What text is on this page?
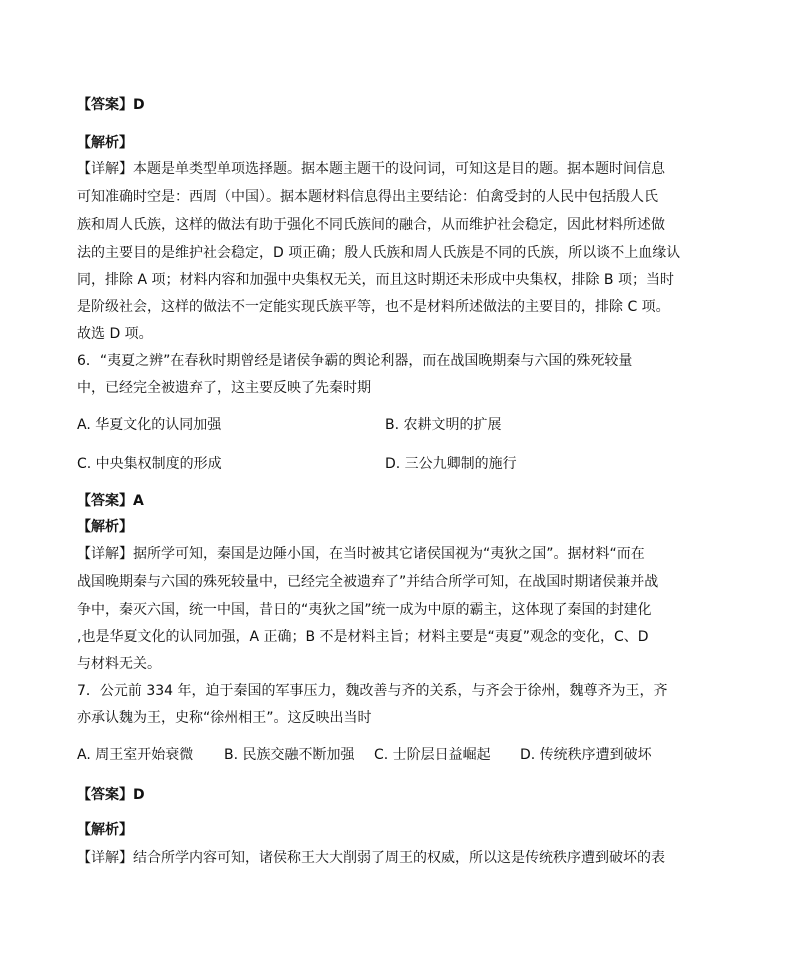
【答案】D
【解析】
【详解】本题是单类型单项选择题。据本题主题干的设问词，可知这是目的题。据本题时间信息
可知准确时空是：西周（中国）。据本题材料信息得出主要结论：伯禽受封的人民中包括殷人氏
族和周人氏族，这样的做法有助于强化不同氏族间的融合，从而维护社会稳定，因此材料所述做
法的主要目的是维护社会稳定，D 项正确；殷人氏族和周人氏族是不同的氏族，所以谈不上血缘认
同，排除 A 项；材料内容和加强中央集权无关，而且这时期还未形成中央集权，排除 B 项；当时
是阶级社会，这样的做法不一定能实现氏族平等，也不是材料所述做法的主要目的，排除 C 项。
故选 D 项。
6．“夷夏之辨”在春秋时期曾经是诸侯争霸的舆论利器，而在战国晚期秦与六国的殊死较量
中，已经完全被遗弃了，这主要反映了先秦时期
A. 华夏文化的认同加强	B. 农耕文明的扩展
C. 中央集权制度的形成	D. 三公九卿制的施行
【答案】A
【解析】
【详解】据所学可知，秦国是边陲小国，在当时被其它诸侯国视为“夷狄之国”。据材料“而在
战国晚期秦与六国的殊死较量中，已经完全被遗弃了”并结合所学可知，在战国时期诸侯兼并战
争中，秦灭六国，统一中国，昔日的“夷狄之国”统一成为中原的霸主，这体现了秦国的封建化
,也是华夏文化的认同加强，A 正确；B 不是材料主旨；材料主要是“夷夏”观念的变化，C、D
与材料无关。
7．公元前 334 年，迫于秦国的军事压力，魏改善与齐的关系，与齐会于徐州，魏尊齐为王，齐
亦承认魏为王，史称“徐州相王”。这反映出当时
A. 周王室开始衰微 B. 民族交融不断加强 C. 士阶层日益崛起 D. 传统秩序遭到破坏
【答案】D
【解析】
【详解】结合所学内容可知，诸侯称王大大削弱了周王的权威，所以这是传统秩序遭到破坏的表
